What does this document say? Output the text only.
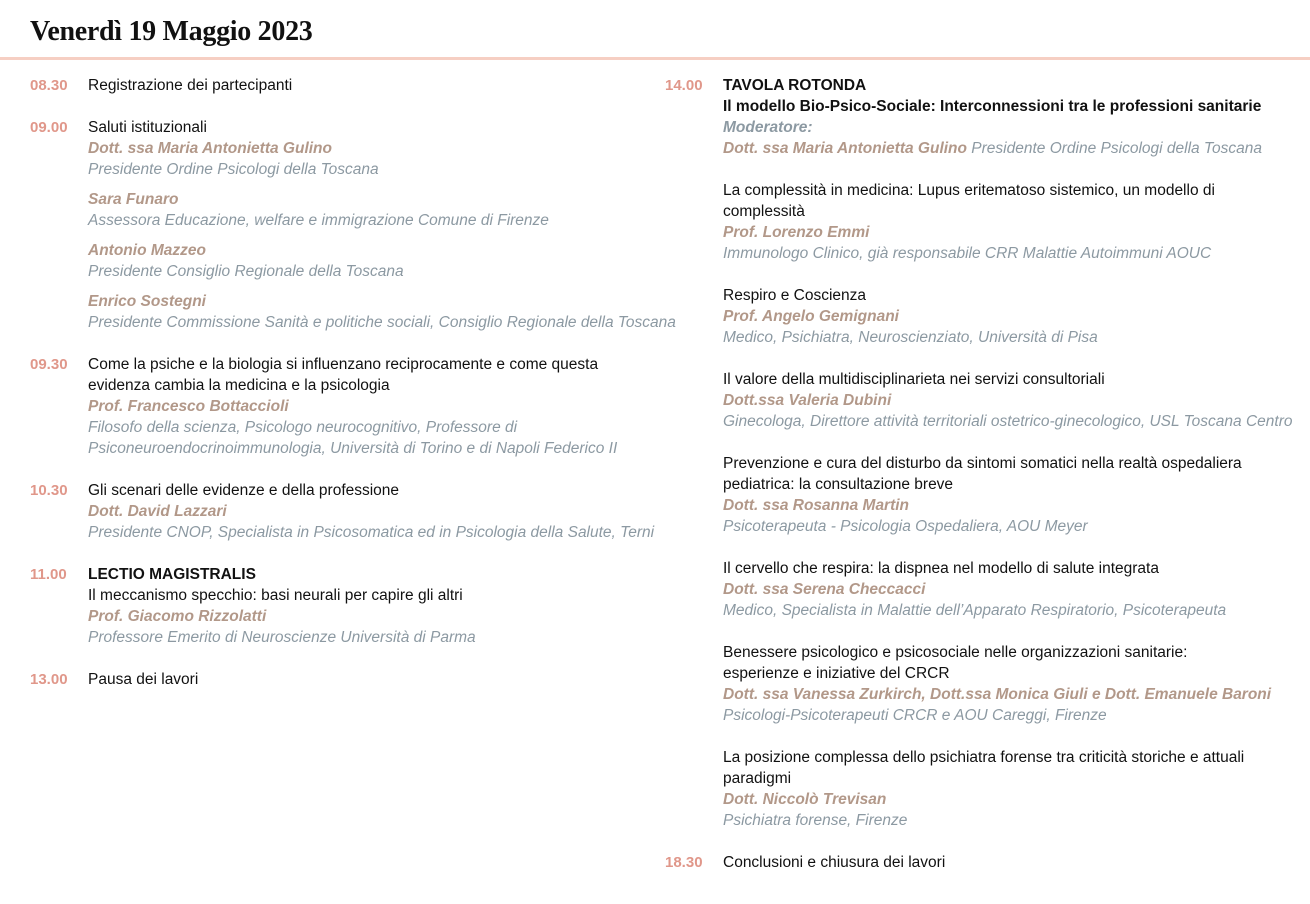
Venerdì 19 Maggio 2023
08.30 Registrazione dei partecipanti
09.00 Saluti istituzionali
Dott. ssa Maria Antonietta Gulino
Presidente Ordine Psicologi della Toscana
Sara Funaro
Assessora Educazione, welfare e immigrazione Comune di Firenze
Antonio Mazzeo
Presidente Consiglio Regionale della Toscana
Enrico Sostegni
Presidente Commissione Sanità e politiche sociali, Consiglio Regionale della Toscana
09.30 Come la psiche e la biologia si influenzano reciprocamente e come questa
evidenza cambia la medicina e la psicologia
Prof. Francesco Bottaccioli
Filosofo della scienza, Psicologo neurocognitivo, Professore di
Psiconeuroendocrinoimmunologia, Università di Torino e di Napoli Federico II
10.30 Gli scenari delle evidenze e della professione
Dott. David Lazzari
Presidente CNOP, Specialista in Psicosomatica ed in Psicologia della Salute, Terni
11.00 LECTIO MAGISTRALIS
Il meccanismo specchio: basi neurali per capire gli altri
Prof. Giacomo Rizzolatti
Professore Emerito di Neuroscienze Università di Parma
13.00 Pausa dei lavori
14.00 TAVOLA ROTONDA
Il modello Bio-Psico-Sociale: Interconnessioni tra le professioni sanitarie
Moderatore:
Dott. ssa Maria Antonietta Gulino Presidente Ordine Psicologi della Toscana
La complessità in medicina: Lupus eritematoso sistemico, un modello di
complessità
Prof. Lorenzo Emmi
Immunologo Clinico, già responsabile CRR Malattie Autoimmuni AOUC
Respiro e Coscienza
Prof. Angelo Gemignani
Medico, Psichiatra, Neuroscienziato, Università di Pisa
Il valore della multidisciplinarieta nei servizi consultoriali
Dott.ssa Valeria Dubini
Ginecologa, Direttore attività territoriali ostetrico-ginecologico, USL Toscana Centro
Prevenzione e cura del disturbo da sintomi somatici nella realtà ospedaliera
pediatrica: la consultazione breve
Dott. ssa Rosanna Martin
Psicoterapeuta - Psicologia Ospedaliera, AOU Meyer
Il cervello che respira: la dispnea nel modello di salute integrata
Dott. ssa Serena Checcacci
Medico, Specialista in Malattie dell’Apparato Respiratorio, Psicoterapeuta
Benessere psicologico e psicosociale nelle organizzazioni sanitarie:
esperienze e iniziative del CRCR
Dott. ssa Vanessa Zurkirch, Dott.ssa Monica Giuli e Dott. Emanuele Baroni
Psicologi-Psicoterapeuti CRCR e AOU Careggi, Firenze
La posizione complessa dello psichiatra forense tra criticità storiche e attuali
paradigmi
Dott. Niccolò Trevisan
Psichiatra forense, Firenze
18.30 Conclusioni e chiusura dei lavori
